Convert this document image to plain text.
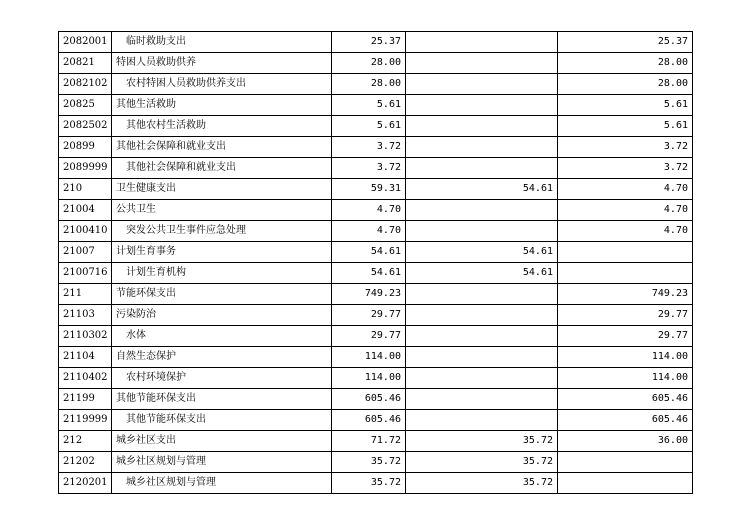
2082001	临时救助支出	25.37		25.37
20821	特困人员救助供养	28.00		28.00
2082102	农村特困人员救助供养支出	28.00		28.00
20825	其他生活救助	5.61		5.61
2082502	其他农村生活救助	5.61		5.61
20899	其他社会保障和就业支出	3.72		3.72
2089999	其他社会保障和就业支出	3.72		3.72
210	卫生健康支出	59.31	54.61	4.70
21004	公共卫生	4.70		4.70
2100410	突发公共卫生事件应急处理	4.70		4.70
21007	计划生育事务	54.61	54.61	
2100716	计划生育机构	54.61	54.61	
211	节能环保支出	749.23		749.23
21103	污染防治	29.77		29.77
2110302	水体	29.77		29.77
21104	自然生态保护	114.00		114.00
2110402	农村环境保护	114.00		114.00
21199	其他节能环保支出	605.46		605.46
2119999	其他节能环保支出	605.46		605.46
212	城乡社区支出	71.72	35.72	36.00
21202	城乡社区规划与管理	35.72	35.72	
2120201	城乡社区规划与管理	35.72	35.72	
